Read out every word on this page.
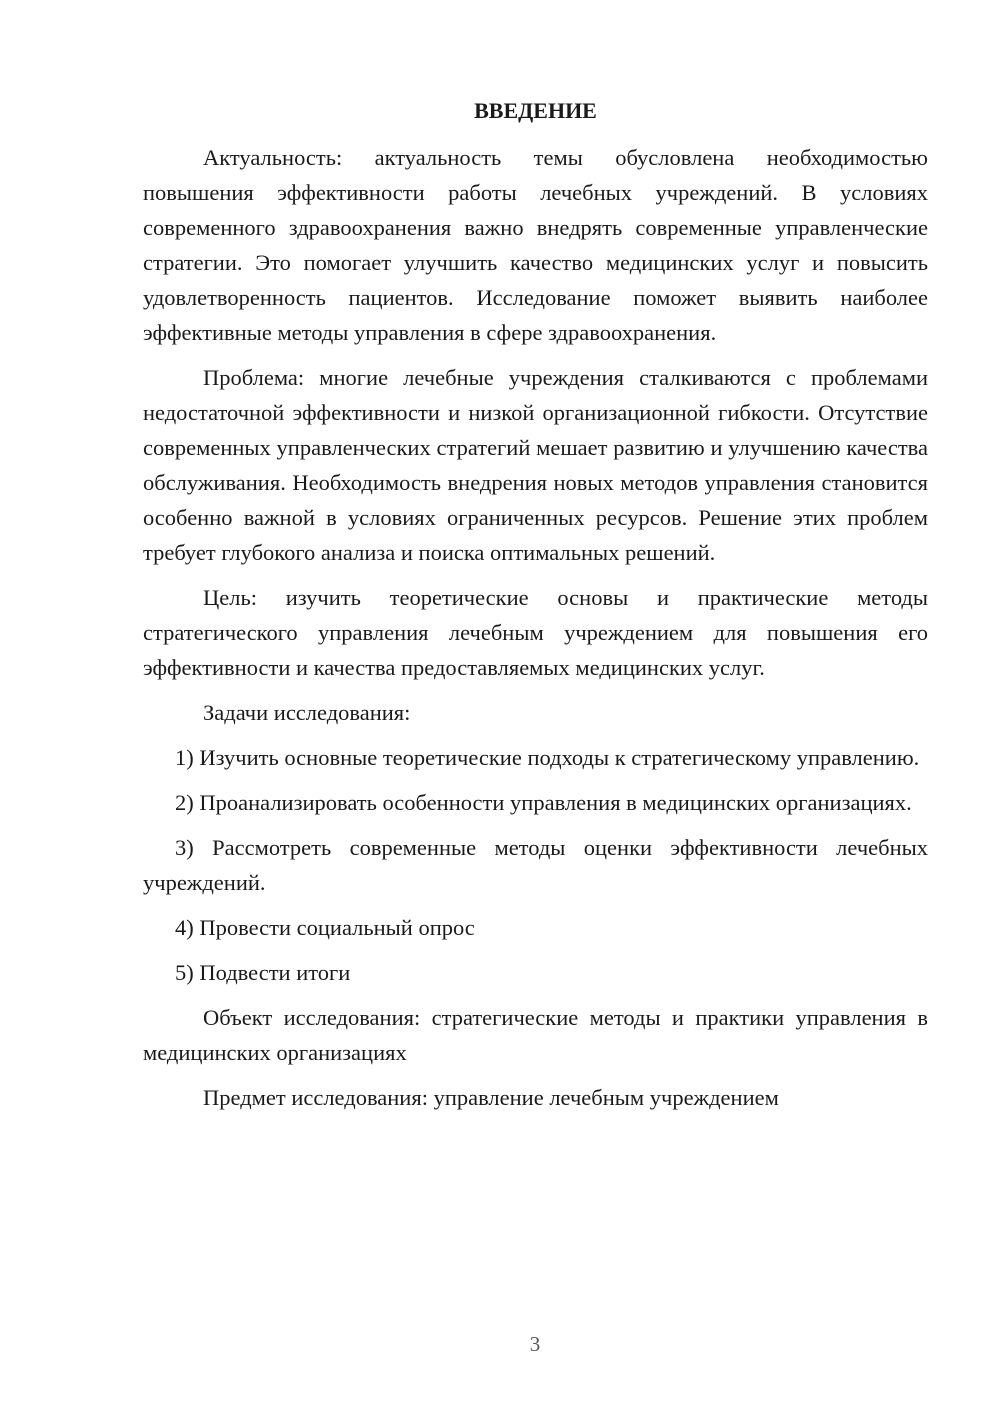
ВВЕДЕНИЕ

Актуальность: актуальность темы обусловлена необходимостью повышения эффективности работы лечебных учреждений. В условиях современного здравоохранения важно внедрять современные управленческие стратегии. Это помогает улучшить качество медицинских услуг и повысить удовлетворенность пациентов. Исследование поможет выявить наиболее эффективные методы управления в сфере здравоохранения.

Проблема: многие лечебные учреждения сталкиваются с проблемами недостаточной эффективности и низкой организационной гибкости. Отсутствие современных управленческих стратегий мешает развитию и улучшению качества обслуживания. Необходимость внедрения новых методов управления становится особенно важной в условиях ограниченных ресурсов. Решение этих проблем требует глубокого анализа и поиска оптимальных решений.

Цель: изучить теоретические основы и практические методы стратегического управления лечебным учреждением для повышения его эффективности и качества предоставляемых медицинских услуг.

Задачи исследования:

1) Изучить основные теоретические подходы к стратегическому управлению.

2) Проанализировать особенности управления в медицинских организациях.

3) Рассмотреть современные методы оценки эффективности лечебных учреждений.

4) Провести социальный опрос

5) Подвести итоги

Объект исследования: стратегические методы и практики управления в медицинских организациях

Предмет исследования: управление лечебным учреждением

3
